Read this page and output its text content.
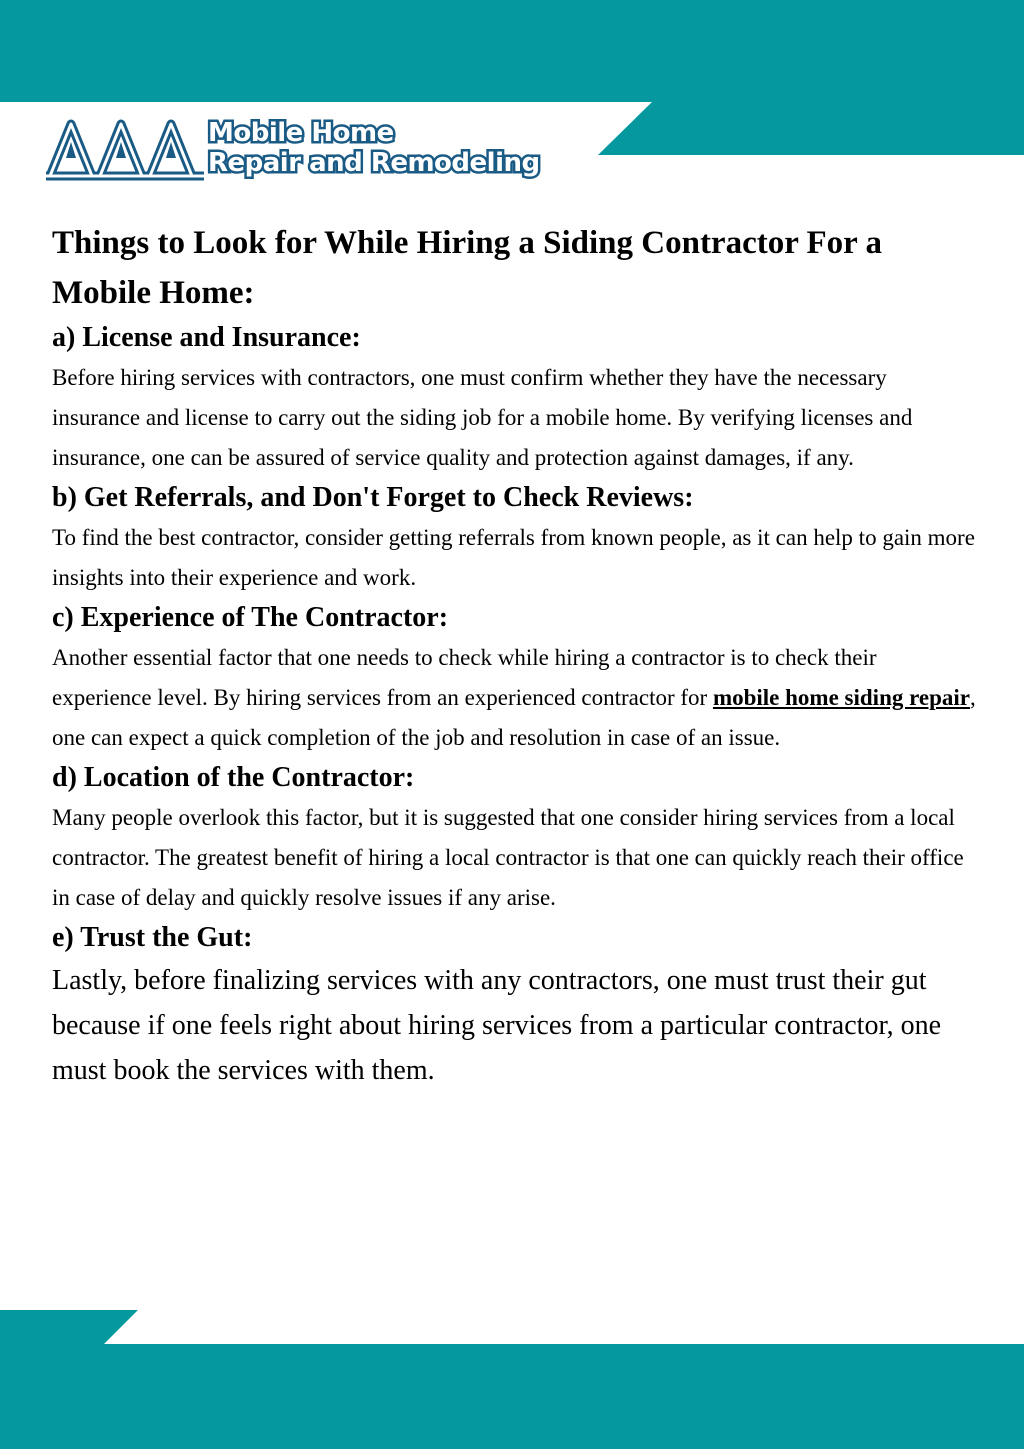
Mobile Home
Repair and Remodeling
Things to Look for While Hiring a Siding Contractor For a Mobile Home:
a) License and Insurance:

Before hiring services with contractors, one must confirm whether they have the necessary insurance and license to carry out the siding job for a mobile home. By verifying licenses and insurance, one can be assured of service quality and protection against damages, if any.

b) Get Referrals, and Don't Forget to Check Reviews:

To find the best contractor, consider getting referrals from known people, as it can help to gain more insights into their experience and work.

c) Experience of The Contractor:

Another essential factor that one needs to check while hiring a contractor is to check their experience level. By hiring services from an experienced contractor for mobile home siding repair, one can expect a quick completion of the job and resolution in case of an issue.

d) Location of the Contractor:

Many people overlook this factor, but it is suggested that one consider hiring services from a local contractor. The greatest benefit of hiring a local contractor is that one can quickly reach their office in case of delay and quickly resolve issues if any arise.

e) Trust the Gut:

Lastly, before finalizing services with any contractors, one must trust their gut because if one feels right about hiring services from a particular contractor, one must book the services with them.
